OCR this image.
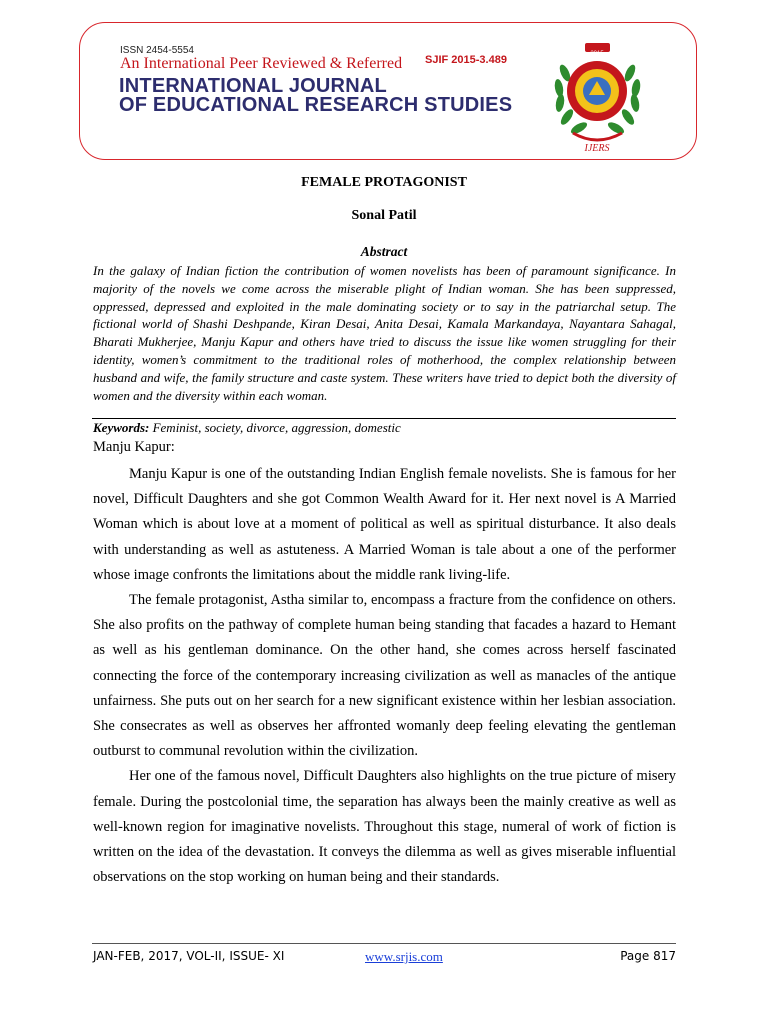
ISSN 2454-5554
An International Peer Reviewed & Referred SJIF 2015-3.489
INTERNATIONAL JOURNAL
OF EDUCATIONAL RESEARCH STUDIES
2015
IJERS
FEMALE PROTAGONIST
Sonal Patil
Abstract
In the galaxy of Indian fiction the contribution of women novelists has been of paramount significance. In majority of the novels we come across the miserable plight of Indian woman. She has been suppressed, oppressed, depressed and exploited in the male dominating society or to say in the patriarchal setup. The fictional world of Shashi Deshpande, Kiran Desai, Anita Desai, Kamala Markandaya, Nayantara Sahagal, Bharati Mukherjee, Manju Kapur and others have tried to discuss the issue like women struggling for their identity, women’s commitment to the traditional roles of motherhood, the complex relationship between husband and wife, the family structure and caste system. These writers have tried to depict both the diversity of women and the diversity within each woman.
Keywords: Feminist, society, divorce, aggression, domestic
Manju Kapur:

Manju Kapur is one of the outstanding Indian English female novelists. She is famous for her novel, Difficult Daughters and she got Common Wealth Award for it. Her next novel is A Married Woman which is about love at a moment of political as well as spiritual disturbance. It also deals with understanding as well as astuteness. A Married Woman is tale about a one of the performer whose image confronts the limitations about the middle rank living-life.

The female protagonist, Astha similar to, encompass a fracture from the confidence on others. She also profits on the pathway of complete human being standing that facades a hazard to Hemant as well as his gentleman dominance. On the other hand, she comes across herself fascinated connecting the force of the contemporary increasing civilization as well as manacles of the antique unfairness. She puts out on her search for a new significant existence within her lesbian association. She consecrates as well as observes her affronted womanly deep feeling elevating the gentleman outburst to communal revolution within the civilization.

Her one of the famous novel, Difficult Daughters also highlights on the true picture of misery female. During the postcolonial time, the separation has always been the mainly creative as well as well-known region for imaginative novelists. Throughout this stage, numeral of work of fiction is written on the idea of the devastation. It conveys the dilemma as well as gives miserable influential observations on the stop working on human being and their standards.

JAN-FEB, 2017, VOL-II, ISSUE- XI	www.srjis.com	Page 817
